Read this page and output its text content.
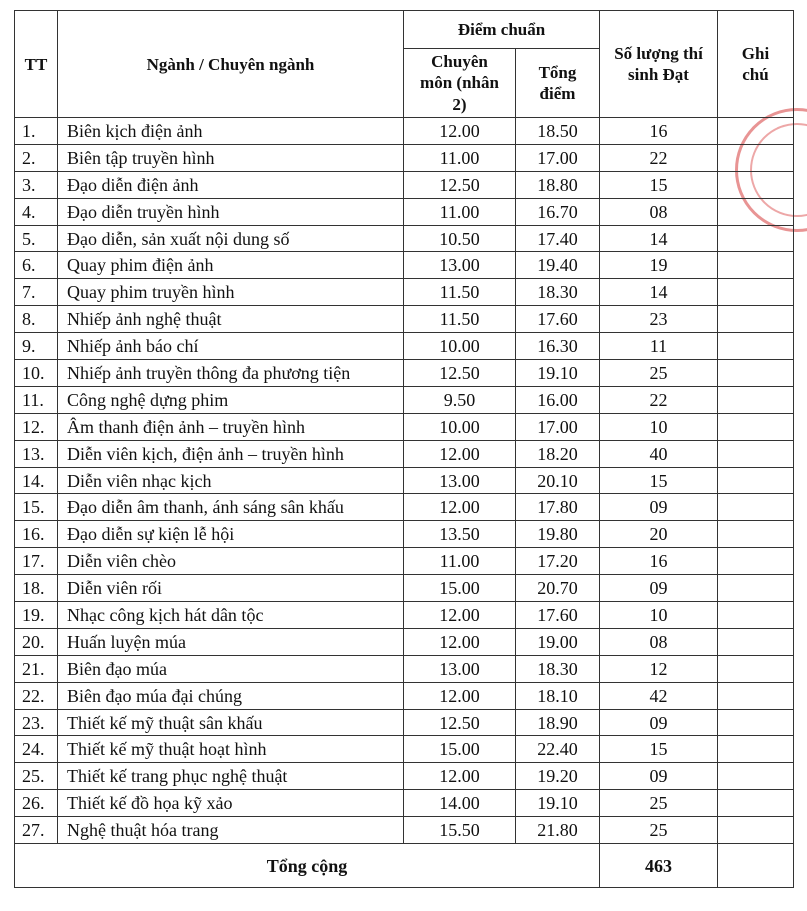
TT	Ngành / Chuyên ngành	Điểm chuẩn		Số lượng thí sinh Đạt	Ghi chú
		Chuyên môn (nhân 2)	Tổng điểm		
1.	Biên kịch điện ảnh	12.00	18.50	16	
2.	Biên tập truyền hình	11.00	17.00	22	
3.	Đạo diễn điện ảnh	12.50	18.80	15	
4.	Đạo diễn truyền hình	11.00	16.70	08	
5.	Đạo diễn, sản xuất nội dung số	10.50	17.40	14	
6.	Quay phim điện ảnh	13.00	19.40	19	
7.	Quay phim truyền hình	11.50	18.30	14	
8.	Nhiếp ảnh nghệ thuật	11.50	17.60	23	
9.	Nhiếp ảnh báo chí	10.00	16.30	11	
10.	Nhiếp ảnh truyền thông đa phương tiện	12.50	19.10	25	
11.	Công nghệ dựng phim	9.50	16.00	22	
12.	Âm thanh điện ảnh – truyền hình	10.00	17.00	10	
13.	Diễn viên kịch, điện ảnh – truyền hình	12.00	18.20	40	
14.	Diễn viên nhạc kịch	13.00	20.10	15	
15.	Đạo diễn âm thanh, ánh sáng sân khấu	12.00	17.80	09	
16.	Đạo diễn sự kiện lễ hội	13.50	19.80	20	
17.	Diễn viên chèo	11.00	17.20	16	
18.	Diễn viên rối	15.00	20.70	09	
19.	Nhạc công kịch hát dân tộc	12.00	17.60	10	
20.	Huấn luyện múa	12.00	19.00	08	
21.	Biên đạo múa	13.00	18.30	12	
22.	Biên đạo múa đại chúng	12.00	18.10	42	
23.	Thiết kế mỹ thuật sân khấu	12.50	18.90	09	
24.	Thiết kế mỹ thuật hoạt hình	15.00	22.40	15	
25.	Thiết kế trang phục nghệ thuật	12.00	19.20	09	
26.	Thiết kế đồ họa kỹ xảo	14.00	19.10	25	
27.	Nghệ thuật hóa trang	15.50	21.80	25	
Tổng cộng				463	
